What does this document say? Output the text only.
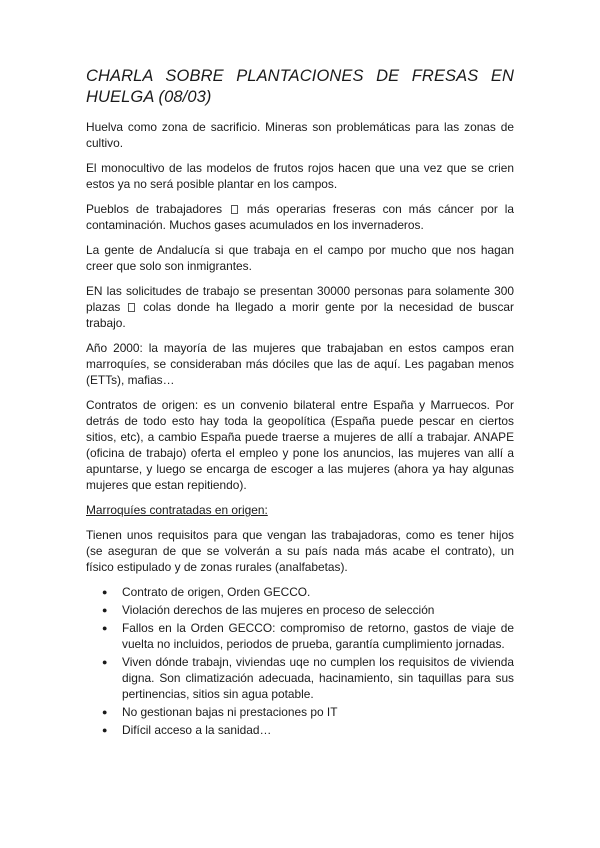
CHARLA SOBRE PLANTACIONES DE FRESAS EN HUELGA (08/03)

Huelva como zona de sacrificio. Mineras son problemáticas para las zonas de cultivo.

El monocultivo de las modelos de frutos rojos hacen que una vez que se crien estos ya no será posible plantar en los campos.

Pueblos de trabajadores más operarias freseras con más cáncer por la contaminación. Muchos gases acumulados en los invernaderos.

La gente de Andalucía si que trabaja en el campo por mucho que nos hagan creer que solo son inmigrantes.

EN las solicitudes de trabajo se presentan 30000 personas para solamente 300 plazas colas donde ha llegado a morir gente por la necesidad de buscar trabajo.

Año 2000: la mayoría de las mujeres que trabajaban en estos campos eran marroquíes, se consideraban más dóciles que las de aquí. Les pagaban menos (ETTs), mafias…

Contratos de origen: es un convenio bilateral entre España y Marruecos. Por detrás de todo esto hay toda la geopolítica (España puede pescar en ciertos sitios, etc), a cambio España puede traerse a mujeres de allí a trabajar. ANAPE (oficina de trabajo) oferta el empleo y pone los anuncios, las mujeres van allí a apuntarse, y luego se encarga de escoger a las mujeres (ahora ya hay algunas mujeres que estan repitiendo).

Marroquíes contratadas en origen:

Tienen unos requisitos para que vengan las trabajadoras, como es tener hijos (se aseguran de que se volverán a su país nada más acabe el contrato), un físico estipulado y de zonas rurales (analfabetas).

● Contrato de origen, Orden GECCO.
● Violación derechos de las mujeres en proceso de selección
● Fallos en la Orden GECCO: compromiso de retorno, gastos de viaje de vuelta no incluidos, periodos de prueba, garantía cumplimiento jornadas.
● Viven dónde trabajn, viviendas uqe no cumplen los requisitos de vivienda digna. Son climatización adecuada, hacinamiento, sin taquillas para sus pertinencias, sitios sin agua potable.
● No gestionan bajas ni prestaciones po IT
● Difícil acceso a la sanidad…
